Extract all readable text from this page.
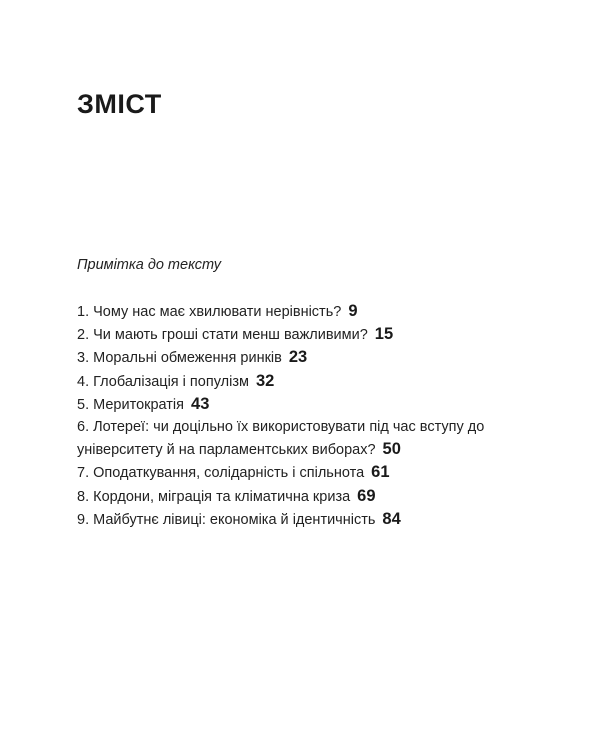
ЗМІСТ
Примітка до тексту
1. Чому нас має хвилювати нерівність? 9
2. Чи мають гроші стати менш важливими? 15
3. Моральні обмеження ринків 23
4. Глобалізація і популізм 32
5. Меритократія 43
6. Лотереї: чи доцільно їх використовувати під час вступу до університету й на парламентських виборах? 50
7. Оподаткування, солідарність і спільнота 61
8. Кордони, міграція та кліматична криза 69
9. Майбутнє лівиці: економіка й ідентичність 84
